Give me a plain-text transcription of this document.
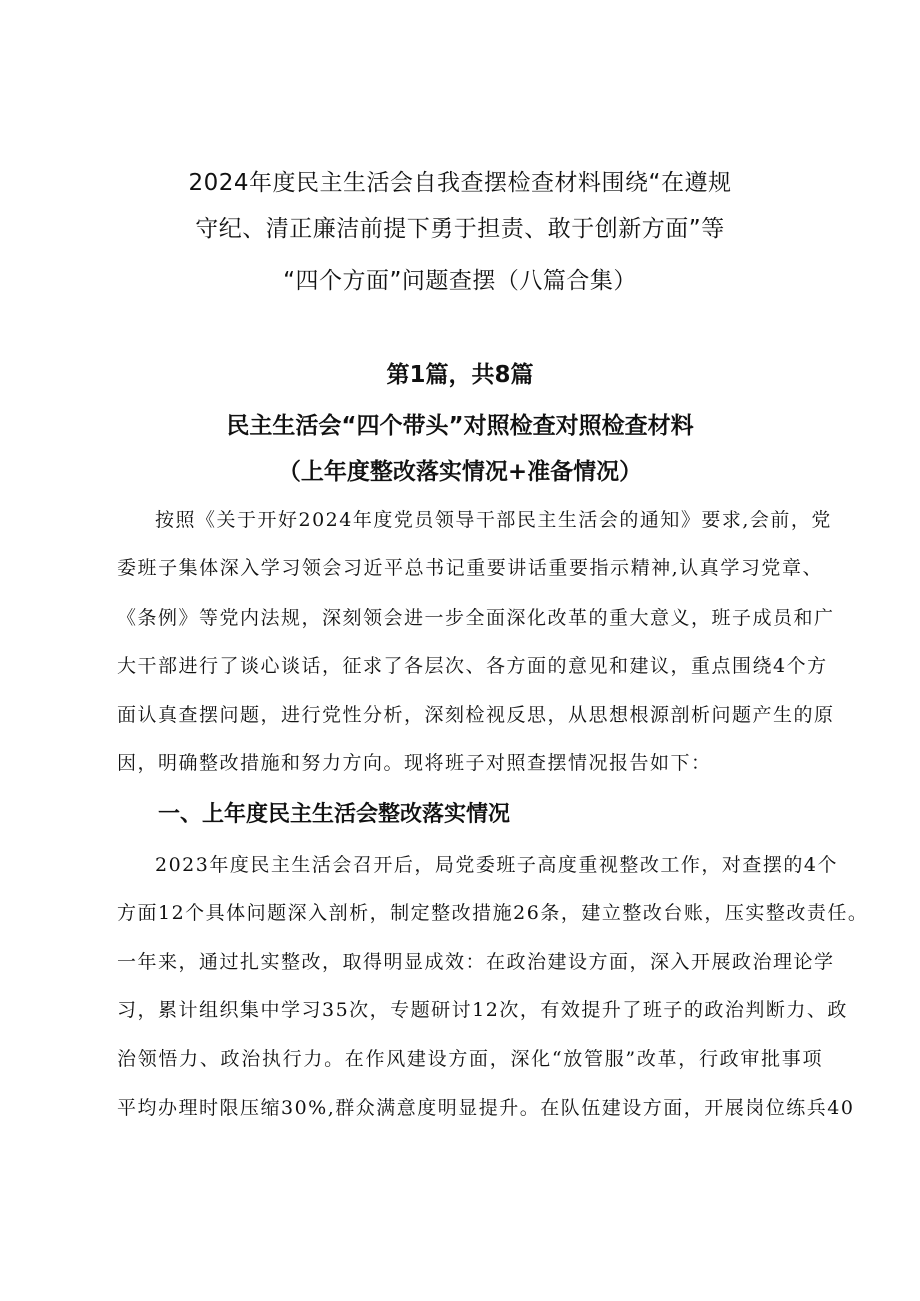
2024年度民主生活会自我查摆检查材料围绕“在遵规
守纪、清正廉洁前提下勇于担责、敢于创新方面”等
“四个方面”问题查摆（八篇合集）
第1篇，共8篇
民主生活会“四个带头”对照检查对照检查材料
（上年度整改落实情况+准备情况）

按照《关于开好2024年度党员领导干部民主生活会的通知》要求,会前，党

委班子集体深入学习领会习近平总书记重要讲话重要指示精神,认真学习党章、

《条例》等党内法规，深刻领会进一步全面深化改革的重大意义，班子成员和广

大干部进行了谈心谈话，征求了各层次、各方面的意见和建议，重点围绕4个方

面认真查摆问题，进行党性分析，深刻检视反思，从思想根源剖析问题产生的原

因，明确整改措施和努力方向。现将班子对照查摆情况报告如下：

一、上年度民主生活会整改落实情况

2023年度民主生活会召开后，局党委班子高度重视整改工作，对查摆的4个

方面12个具体问题深入剖析，制定整改措施26条，建立整改台账，压实整改责任。

一年来，通过扎实整改，取得明显成效：在政治建设方面，深入开展政治理论学

习，累计组织集中学习35次，专题研讨12次，有效提升了班子的政治判断力、政

治领悟力、政治执行力。在作风建设方面，深化“放管服”改革，行政审批事项

平均办理时限压缩30%,群众满意度明显提升。在队伍建设方面，开展岗位练兵40
